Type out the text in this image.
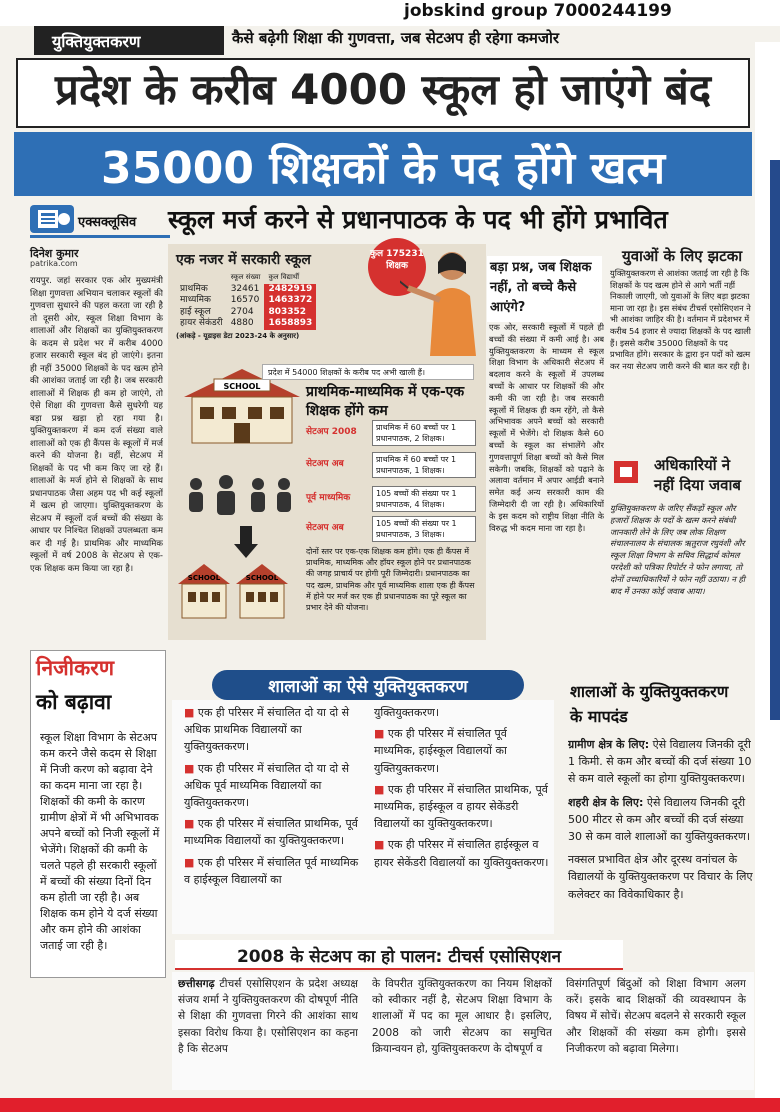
jobskind group 7000244199
युक्तियुक्तकरण	कैसे बढ़ेगी शिक्षा की गुणवत्ता, जब सेटअप ही रहेगा कमजोर
प्रदेश के करीब 4000 स्कूल हो जाएंगे बंद
35000 शिक्षकों के पद होंगे खत्म
एक्सक्लूसिव स्कूल मर्ज करने से प्रधानपाठक के पद भी होंगे प्रभावित
दिनेश कुमार
patrika.com
रायपुर. जहां सरकार एक ओर मुख्यमंत्री शिक्षा गुणवत्ता अभियान चलाकर स्कूलों की गुणवत्ता सुधारने की पहल करता जा रही है तो दूसरी ओर, स्कूल शिक्षा विभाग के शालाओं और शिक्षकों का युक्तियुक्तकरण के कदम से प्रदेश भर में करीब 4000 हजार सरकारी स्कूल बंद हो जाएंगे। इतना ही नहीं 35000 शिक्षकों के पद खत्म होने की आशंका जताई जा रही है। जब सरकारी शालाओं में शिक्षक ही कम हो जाएंगे, तो ऐसे शिक्षा की गुणवत्ता कैसे सुधरेगी यह बड़ा प्रश्न खड़ा हो रहा गया है। युक्तियुक्तकरण में कम दर्ज संख्या वाले शालाओं को एक ही कैंपस के स्कूलों में मर्ज करने की योजना है। वहीं, सेटअप में शिक्षकों के पद भी कम किए जा रहे हैं। शालाओं के मर्ज होने से शिक्षकों के साथ प्रधानपाठक जैसा अहम पद भी कई स्कूलों में खत्म हो जाएगा। युक्तियुक्तकरण के सेटअप में स्कूलों दर्ज बच्चों की संख्या के आधार पर निश्चित शिक्षकों उपलब्धता कम कर दी गई है। प्राथमिक और माध्यमिक स्कूलों में वर्ष 2008 के सेटअप से एक-एक शिक्षक कम किया जा रहा है।
SCHOOL
SCHOOL	SCHOOL
एक नजर में सरकारी स्कूल	कुल 175231 शिक्षक
	स्कूल संख्या	कुल विद्यार्थी
प्राथमिक	32461	2482919
माध्यमिक	16570	1463372
हाई स्कूल	2704	803352
हायर सेकंडरी	4880	1658893
(आंकड़े - यूडाइस डेटा 2023-24 के अनुसार)
प्रदेश में 54000 शिक्षकों के करीब पद अभी खाली हैं।
प्राथमिक-माध्यमिक में एक-एक शिक्षक होंगे कम
सेटअप 2008	प्राथमिक में 60 बच्चों पर 1 प्रधानपाठक, 2 शिक्षक।
सेटअप अब	प्राथमिक में 60 बच्चों पर 1 प्रधानपाठक, 1 शिक्षक।
पूर्व माध्यमिक	105 बच्चों की संख्या पर 1 प्रधानपाठक, 4 शिक्षक।
सेटअप अब	105 बच्चों की संख्या पर 1 प्रधानपाठक, 3 शिक्षक।
दोनों स्तर पर एक-एक शिक्षक कम होंगे। एक ही कैंपस में प्राथमिक, माध्यमिक और हॉयर स्कूल होने पर प्रधानपाठक की जगह प्राचार्य पर होगी पूरी जिम्मेदारी। प्रधानपाठक का पद खत्म, प्राथमिक और पूर्व माध्यमिक शाला एक ही कैंपस में होने पर मर्ज कर एक ही प्रधानपाठक का पूरे स्कूल का प्रभार देने की योजना।
बड़ा प्रश्न, जब शिक्षक नहीं, तो बच्चे कैसे आएंगे?
एक ओर, सरकारी स्कूलों में पहले ही बच्चों की संख्या में कमी आई है। अब युक्तियुक्तकरण के माध्यम से स्कूल शिक्षा विभाग के अधिकारी सेटअप में बदलाव करने के स्कूलों में उपलब्ध बच्चों के आधार पर शिक्षकों की और कमी की जा रही है। जब सरकारी स्कूलों में शिक्षक ही कम रहेंगे, तो कैसे अभिभावक अपने बच्चों को सरकारी स्कूलों में भेजेंगे। दो शिक्षक कैसे 60 बच्चों के स्कूल का संभालेंगे और गुणवत्तापूर्ण शिक्षा बच्चों को कैसे मिल सकेगी। जबकि, शिक्षकों को पढ़ाने के अलावा वर्तमान में अपार आईडी बनाने समेत कई अन्य सरकारी काम की जिम्मेदारी दी जा रही है। अधिकारियों के इस कदम को राष्ट्रीय शिक्षा नीति के विरुद्ध भी कदम माना जा रहा है।
युवाओं के लिए झटका
युक्तियुक्तकरण से आशंका जताई जा रही है कि शिक्षकों के पद खत्म होने से आगे भर्ती नहीं निकाली जाएगी, जो युवाओं के लिए बड़ा झटका माना जा रहा है। इस संबंध टीचर्स एसोसिएशन ने भी आशंका जाहिर की है। वर्तमान में प्रदेशभर में करीब 54 हजार से ज्यादा शिक्षकों के पद खाली हैं। इससे करीब 35000 शिक्षकों के पद प्रभावित होंगे। सरकार के द्वारा इन पदों को खत्म कर नया सेटअप जारी करने की बात कर रही है।
अधिकारियों ने नहीं दिया जवाब
युक्तियुक्तकरण के जरिए सैंकड़ों स्कूल और हजारों शिक्षक के पदों के खत्म करने संबंधी जानकारी लेने के लिए जब लोक शिक्षण संचालनालय के संचालक ऋतुराज रघुवंशी और स्कूल शिक्षा विभाग के सचिव सिद्धार्थ कोमल परदेशी को पत्रिका रिपोर्टर ने फोन लगाया, तो दोनों उच्चाधिकारियों ने फोन नहीं उठाया। न ही बाद में उनका कोई जवाब आया।
निजीकरण
को बढ़ावा
स्कूल शिक्षा विभाग के सेटअप कम करने जैसे कदम से शिक्षा में निजी करण को बढ़ावा देने का कदम माना जा रहा है। शिक्षकों की कमी के कारण ग्रामीण क्षेत्रों में भी अभिभावक अपने बच्चों को निजी स्कूलों में भेजेंगे। शिक्षकों की कमी के चलते पहले ही सरकारी स्कूलों में बच्चों की संख्या दिनों दिन कम होती जा रही है। अब शिक्षक कम होने ये दर्ज संख्या और कम होने की आशंका जताई जा रही है।
शालाओं का ऐसे युक्तियुक्तकरण

■ एक ही परिसर में संचालित दो या दो से अधिक प्राथमिक विद्यालयों का युक्तियुक्तकरण।

■ एक ही परिसर में संचालित दो या दो से अधिक पूर्व माध्यमिक विद्यालयों का युक्तियुक्तकरण।

■ एक ही परिसर में संचालित प्राथमिक, पूर्व माध्यमिक विद्यालयों का युक्तियुक्तकरण।

■ एक ही परिसर में संचालित पूर्व माध्यमिक व हाईस्कूल विद्यालयों का

युक्तियुक्तकरण।

■ एक ही परिसर में संचालित पूर्व माध्यमिक, हाईस्कूल विद्यालयों का युक्तियुक्तकरण।

■ एक ही परिसर में संचालित प्राथमिक, पूर्व माध्यमिक, हाईस्कूल व हायर सेकेंडरी विद्यालयों का युक्तियुक्तकरण।

■ एक ही परिसर में संचालित हाईस्कूल व हायर सेकेंडरी विद्यालयों का युक्तियुक्तकरण।

शालाओं के युक्तियुक्तकरण
के मापदंड

ग्रामीण क्षेत्र के लिए: ऐसे विद्यालय जिनकी दूरी 1 किमी. से कम और बच्चों की दर्ज संख्या 10 से कम वाले स्कूलों का होगा युक्तियुक्तकरण।

शहरी क्षेत्र के लिए: ऐसे विद्यालय जिनकी दूरी 500 मीटर से कम और बच्चों की दर्ज संख्या 30 से कम वाले शालाओं का युक्तियुक्तकरण।

नक्सल प्रभावित क्षेत्र और दूरस्थ वनांचल के विद्यालयों के युक्तियुक्तकरण पर विचार के लिए कलेक्टर का विवेकाधिकार है।

2008 के सेटअप का हो पालन: टीचर्स एसोसिएशन
छत्तीसगढ़ टीचर्स एसोसिएशन के प्रदेश अध्यक्ष संजय शर्मा ने युक्तियुक्तकरण की दोषपूर्ण नीति से शिक्षा की गुणवत्ता गिरने की आशंका साथ इसका विरोध किया है। एसोसिएशन का कहना है कि सेटअप
के विपरीत युक्तियुक्तकरण का नियम शिक्षकों को स्वीकार नहीं है, सेटअप शिक्षा विभाग के शालाओं में पद का मूल आधार है। इसलिए, 2008 को जारी सेटअप का समुचित क्रियान्वयन हो, युक्तियुक्तकरण के दोषपूर्ण व
विसंगतिपूर्ण बिंदुओं को शिक्षा विभाग अलग करें। इसके बाद शिक्षकों की व्यवस्थापन के विषय में सोचें। सेटअप बदलने से सरकारी स्कूल और शिक्षकों की संख्या कम होगी। इससे निजीकरण को बढ़ावा मिलेगा।
